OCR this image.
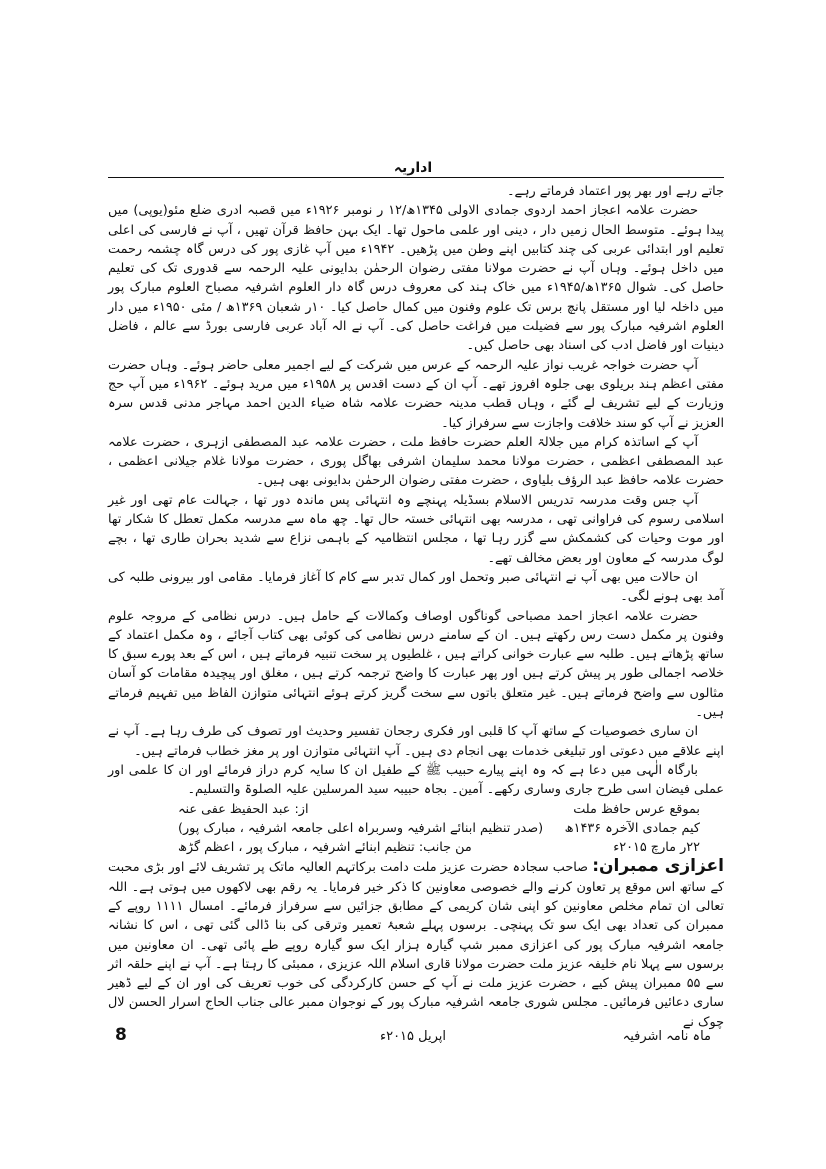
اداریہ

جاتے رہے اور بھر پور اعتماد فرماتے رہے۔

حضرت علامہ اعجاز احمد اردوی جمادی الاولی ۱۳۴۵ھ/۱۲ ر نومبر ۱۹۲۶ء میں قصبہ ادری ضلع مئو(یوپی) میں پیدا ہوئے۔ متوسط الحال زمیں دار ، دینی اور علمی ماحول تھا۔ ایک بہن حافظ قرآن تھیں ، آپ نے فارسی کی اعلی تعلیم اور ابتدائی عربی کی چند کتابیں اپنے وطن میں پڑھیں۔ ۱۹۴۲ء میں آپ غازی پور کی درس گاہ چشمہ رحمت میں داخل ہوئے۔ وہاں آپ نے حضرت مولانا مفتی رضوان الرحمٰن بدایونی علیہ الرحمہ سے قدوری تک کی تعلیم حاصل کی۔ شوال ۱۳۶۵ھ/۱۹۴۵ء میں خاک ہند کی معروف درس گاہ دار العلوم اشرفیہ مصباح العلوم مبارک پور میں داخلہ لیا اور مستقل پانچ برس تک علوم وفنون میں کمال حاصل کیا۔ ۱۰ر شعبان ۱۳۶۹ھ / مئی ۱۹۵۰ء میں دار العلوم اشرفیہ مبارک پور سے فضیلت میں فراغت حاصل کی۔ آپ نے الہ آباد عربی فارسی بورڈ سے عالم ، فاضل دینیات اور فاضل ادب کی اسناد بھی حاصل کیں۔

آپ حضرت خواجہ غریب نواز علیہ الرحمہ کے عرس میں شرکت کے لیے اجمیر معلی حاضر ہوئے۔ وہاں حضرت مفتی اعظم ہند بریلوی بھی جلوہ افروز تھے۔ آپ ان کے دست اقدس پر ۱۹۵۸ء میں مرید ہوئے۔ ۱۹۶۲ء میں آپ حج وزیارت کے لیے تشریف لے گئے ، وہاں قطب مدینہ حضرت علامہ شاہ ضیاء الدین احمد مہاجر مدنی قدس سرہ العزیز نے آپ کو سند خلافت واجازت سے سرفراز کیا۔

آپ کے اساتذہ کرام میں جلالۃ العلم حضرت حافظ ملت ، حضرت علامہ عبد المصطفی ازہری ، حضرت علامہ عبد المصطفی اعظمی ، حضرت مولانا محمد سلیمان اشرفی بھاگل پوری ، حضرت مولانا غلام جیلانی اعظمی ، حضرت علامہ حافظ عبد الرؤف بلیاوی ، حضرت مفتی رضوان الرحمٰن بدایونی بھی ہیں۔

آپ جس وقت مدرسہ تدریس الاسلام بسڈیلہ پہنچے وہ انتہائی پس ماندہ دور تھا ، جہالت عام تھی اور غیر اسلامی رسوم کی فراوانی تھی ، مدرسہ بھی انتہائی خستہ حال تھا۔ چھ ماہ سے مدرسہ مکمل تعطل کا شکار تھا اور موت وحیات کی کشمکش سے گزر رہا تھا ، مجلس انتظامیہ کے باہمی نزاع سے شدید بحران طاری تھا ، بچے لوگ مدرسہ کے معاون اور بعض مخالف تھے۔

ان حالات میں بھی آپ نے انتہائی صبر وتحمل اور کمال تدبر سے کام کا آغاز فرمایا۔ مقامی اور بیرونی طلبہ کی آمد بھی ہونے لگی۔

حضرت علامہ اعجاز احمد مصباحی گوناگوں اوصاف وکمالات کے حامل ہیں۔ درس نظامی کے مروجہ علوم وفنون پر مکمل دست رس رکھتے ہیں۔ ان کے سامنے درس نظامی کی کوئی بھی کتاب آجائے ، وہ مکمل اعتماد کے ساتھ پڑھاتے ہیں۔ طلبہ سے عبارت خوانی کراتے ہیں ، غلطیوں پر سخت تنبیہ فرماتے ہیں ، اس کے بعد پورے سبق کا خلاصہ اجمالی طور پر پیش کرتے ہیں اور پھر عبارت کا واضح ترجمہ کرتے ہیں ، مغلق اور پیچیدہ مقامات کو آسان مثالوں سے واضح فرماتے ہیں۔ غیر متعلق باتوں سے سخت گریز کرتے ہوئے انتہائی متوازن الفاظ میں تفہیم فرماتے ہیں۔

ان ساری خصوصیات کے ساتھ آپ کا قلبی اور فکری رجحان تفسیر وحدیث اور تصوف کی طرف رہا ہے۔ آپ نے اپنے علاقے میں دعوتی اور تبلیغی خدمات بھی انجام دی ہیں۔ آپ انتہائی متوازن اور پر مغز خطاب فرماتے ہیں۔

بارگاہ الٰہی میں دعا ہے کہ وہ اپنے پیارے حبیب ﷺ کے طفیل ان کا سایہ کرم دراز فرمائے اور ان کا علمی اور عملی فیضان اسی طرح جاری وساری رکھے۔ آمین۔ بجاہ حبیبہ سید المرسلین علیہ الصلوۃ والتسلیم۔

بموقع عرس حافظ ملت
از: عبد الحفیظ عفی عنہ
کیم جمادی الآخرہ ۱۴۳۶ھ
(صدر تنظیم ابنائے اشرفیہ وسربراہ اعلی جامعہ اشرفیہ ، مبارک پور)
۲۲ر مارچ ۲۰۱۵ء
من جانب: تنظیم ابنائے اشرفیہ ، مبارک پور ، اعظم گڑھ

اعزازی ممبران: صاحب سجادہ حضرت عزیز ملت دامت برکاتہم العالیہ ماتک پر تشریف لائے اور بڑی محبت کے ساتھ اس موقع پر تعاون کرنے والے خصوصی معاونین کا ذکر خیر فرمایا۔ یہ رقم بھی لاکھوں میں ہوتی ہے۔ اللہ تعالی ان تمام مخلص معاونین کو اپنی شان کریمی کے مطابق جزائیں سے سرفراز فرمائے۔ امسال ۱۱۱۱ روپے کے ممبران کی تعداد بھی ایک سو تک پہنچی۔ برسوں پہلے شعبۂ تعمیر وترقی کی بنا ڈالی گئی تھی ، اس کا نشانہ جامعہ اشرفیہ مبارک پور کی اعزازی ممبر شپ گیارہ ہزار ایک سو گیارہ روپے طے پائی تھی۔ ان معاونین میں برسوں سے پہلا نام خلیفہ عزیز ملت حضرت مولانا قاری اسلام اللہ عزیزی ، ممبئی کا رہتا ہے۔ آپ نے اپنے حلقہ اثر سے ۵۵ ممبران پیش کیے ، حضرت عزیز ملت نے آپ کے حسن کارکردگی کی خوب تعریف کی اور ان کے لیے ڈھیر ساری دعائیں فرمائیں۔ مجلس شوری جامعہ اشرفیہ مبارک پور کے نوجوان ممبر عالی جناب الحاج اسرار الحسن لال چوک نے

ماہ نامہ اشرفیہ
اپریل ۲۰۱۵ء
8
